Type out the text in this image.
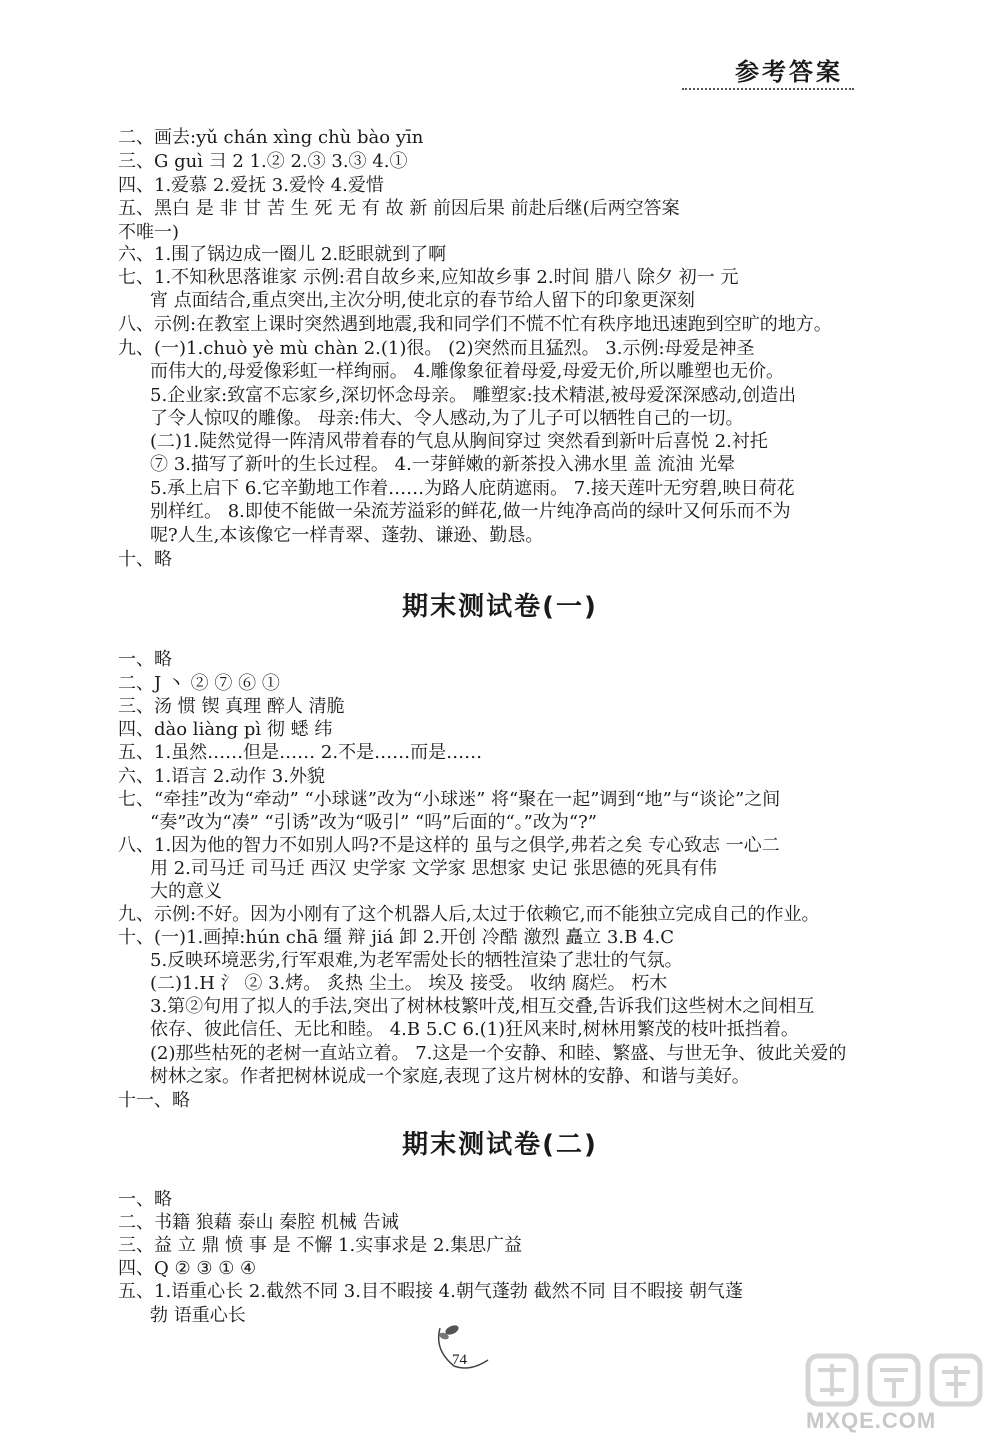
参考答案
二、画去:yǔ chán xìng chù bào yīn
三、G guì 彐 2 1.② 2.③ 3.③ 4.①
四、1.爱慕 2.爱抚 3.爱怜 4.爱惜
五、黑白 是 非 甘 苦 生 死 无 有 故 新 前因后果 前赴后继(后两空答案
不唯一)
六、1.围了锅边成一圈儿 2.眨眼就到了啊
七、1.不知秋思落谁家 示例:君自故乡来,应知故乡事 2.时间 腊八 除夕 初一 元
宵 点面结合,重点突出,主次分明,使北京的春节给人留下的印象更深刻
八、示例:在教室上课时突然遇到地震,我和同学们不慌不忙有秩序地迅速跑到空旷的地方。
九、(一)1.chuò yè mù chàn 2.(1)很。 (2)突然而且猛烈。 3.示例:母爱是神圣
而伟大的,母爱像彩虹一样绚丽。 4.雕像象征着母爱,母爱无价,所以雕塑也无价。
5.企业家:致富不忘家乡,深切怀念母亲。 雕塑家:技术精湛,被母爱深深感动,创造出
了令人惊叹的雕像。 母亲:伟大、令人感动,为了儿子可以牺牲自己的一切。
(二)1.陡然觉得一阵清风带着春的气息从胸间穿过 突然看到新叶后喜悦 2.衬托
⑦ 3.描写了新叶的生长过程。 4.一芽鲜嫩的新茶投入沸水里 盖 流油 光晕
5.承上启下 6.它辛勤地工作着……为路人庇荫遮雨。 7.接天莲叶无穷碧,映日荷花
别样红。 8.即使不能做一朵流芳溢彩的鲜花,做一片纯净高尚的绿叶又何乐而不为
呢?人生,本该像它一样青翠、蓬勃、谦逊、勤恳。
十、略
期末测试卷(一)
一、略
二、J 丶 ② ⑦ ⑥ ①
三、汤 惯 锲 真理 醉人 清脆
四、dào liàng pì 彻 蟋 纬
五、1.虽然……但是…… 2.不是……而是……
六、1.语言 2.动作 3.外貌
七、“牵挂”改为“牵动” “小球谜”改为“小球迷” 将“聚在一起”调到“地”与“谈论”之间
“奏”改为“凑” “引诱”改为“吸引” “吗”后面的“。”改为“?”
八、1.因为他的智力不如别人吗?不是这样的 虽与之俱学,弗若之矣 专心致志 一心二
用 2.司马迁 司马迁 西汉 史学家 文学家 思想家 史记 张思德的死具有伟
大的意义
九、示例:不好。因为小刚有了这个机器人后,太过于依赖它,而不能独立完成自己的作业。
十、(一)1.画掉:hún chā 缰 辩 jiá 卸 2.开创 冷酷 激烈 矗立 3.B 4.C
5.反映环境恶劣,行军艰难,为老军需处长的牺牲渲染了悲壮的气氛。
(二)1.H 氵 ② 3.烤。 炙热 尘土。 埃及 接受。 收纳 腐烂。 朽木
3.第②句用了拟人的手法,突出了树林枝繁叶茂,相互交叠,告诉我们这些树木之间相互
依存、彼此信任、无比和睦。 4.B 5.C 6.(1)狂风来时,树林用繁茂的枝叶抵挡着。
(2)那些枯死的老树一直站立着。 7.这是一个安静、和睦、繁盛、与世无争、彼此关爱的
树林之家。作者把树林说成一个家庭,表现了这片树林的安静、和谐与美好。
十一、略
期末测试卷(二)
一、略
二、书籍 狼藉 泰山 秦腔 机械 告诫
三、益 立 鼎 愤 事 是 不懈 1.实事求是 2.集思广益
四、Q ② ③ ① ④
五、1.语重心长 2.截然不同 3.目不暇接 4.朝气蓬勃 截然不同 目不暇接 朝气蓬
勃 语重心长
74
MXQE.COM
